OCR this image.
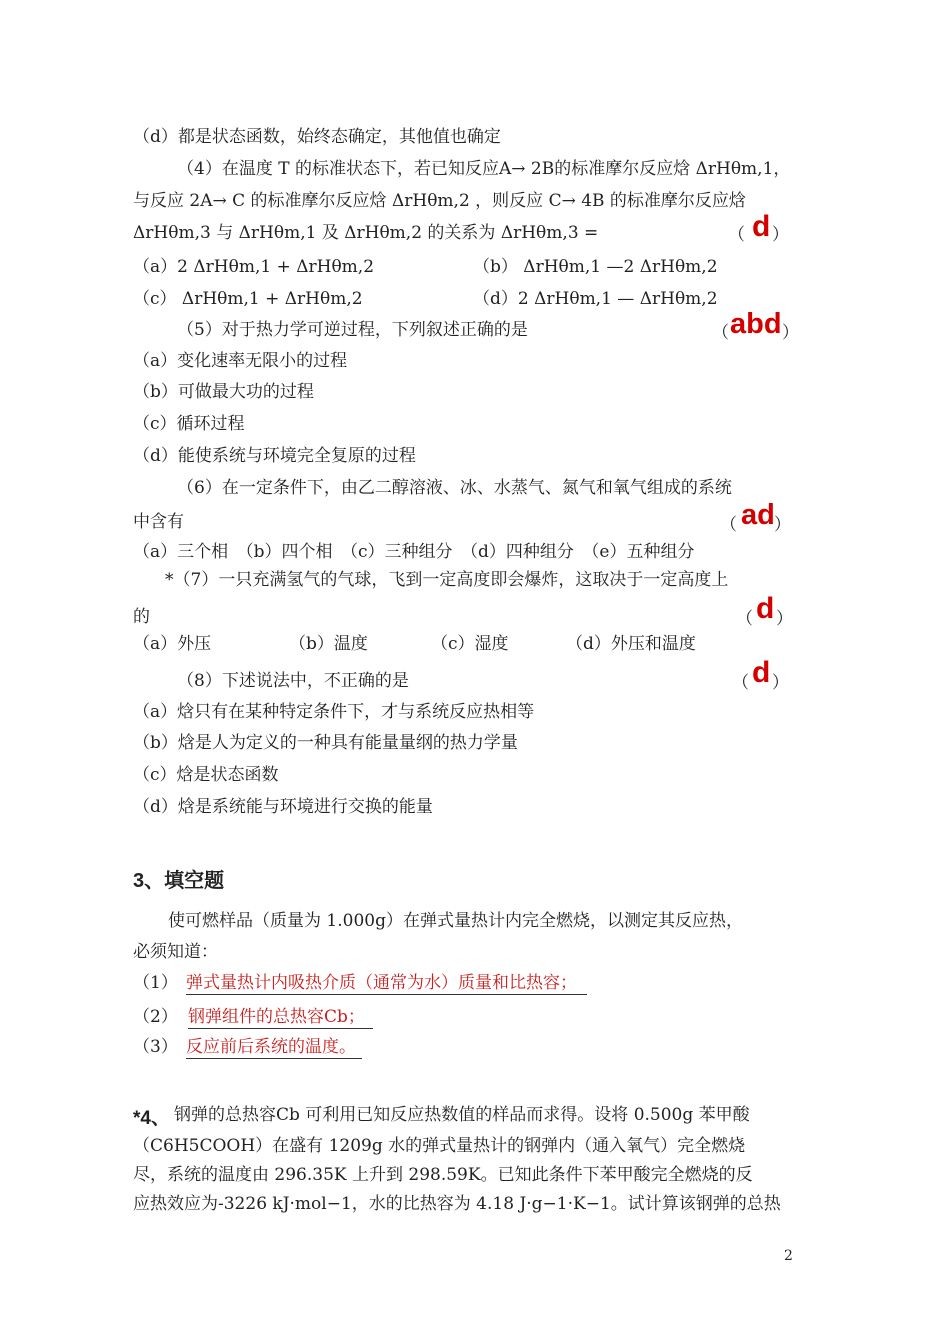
（d）都是状态函数，始终态确定，其他值也确定
（4）在温度 T 的标准状态下，若已知反应A→ 2B的标准摩尔反应焓 ΔrHθm,1，
与反应 2A→ C 的标准摩尔反应焓 ΔrHθm,2 ，则反应 C→ 4B 的标准摩尔反应焓
ΔrHθm,3 与 ΔrHθm,1 及 ΔrHθm,2 的关系为 ΔrHθm,3 =	（ d ）
（a）2 ΔrHθm,1 + ΔrHθm,2	（b） ΔrHθm,1 —2 ΔrHθm,2
（c） ΔrHθm,1 + ΔrHθm,2	（d）2 ΔrHθm,1 — ΔrHθm,2
（5）对于热力学可逆过程，下列叙述正确的是	（ abd ）
（a）变化速率无限小的过程
（b）可做最大功的过程
（c）循环过程
（d）能使系统与环境完全复原的过程
（6）在一定条件下，由乙二醇溶液、冰、水蒸气、氮气和氧气组成的系统
中含有	（ ad ）
（a）三个相　（b）四个相　（c）三种组分　（d）四种组分　（e）五种组分
*（7）一只充满氢气的气球，飞到一定高度即会爆炸，这取决于一定高度上
的	（ d ）
（a）外压	（b）温度	（c）湿度	（d）外压和温度
（8）下述说法中，不正确的是	（ d ）
（a）焓只有在某种特定条件下，才与系统反应热相等
（b）焓是人为定义的一种具有能量量纲的热力学量
（c）焓是状态函数
（d）焓是系统能与环境进行交换的能量
3、填空题
使可燃样品（质量为 1.000g）在弹式量热计内完全燃烧，以测定其反应热，
必须知道：
（1） 弹式量热计内吸热介质（通常为水）质量和比热容；
（2） 钢弹组件的总热容Cb；
（3） 反应前后系统的温度。
*4、 钢弹的总热容Cb 可利用已知反应热数值的样品而求得。设将 0.500g 苯甲酸
（C6H5COOH）在盛有 1209g 水的弹式量热计的钢弹内（通入氧气）完全燃烧
尽，系统的温度由 296.35K 上升到 298.59K。已知此条件下苯甲酸完全燃烧的反
应热效应为-3226 kJ·mol−1，水的比热容为 4.18 J·g−1·K−1。试计算该钢弹的总热
2
